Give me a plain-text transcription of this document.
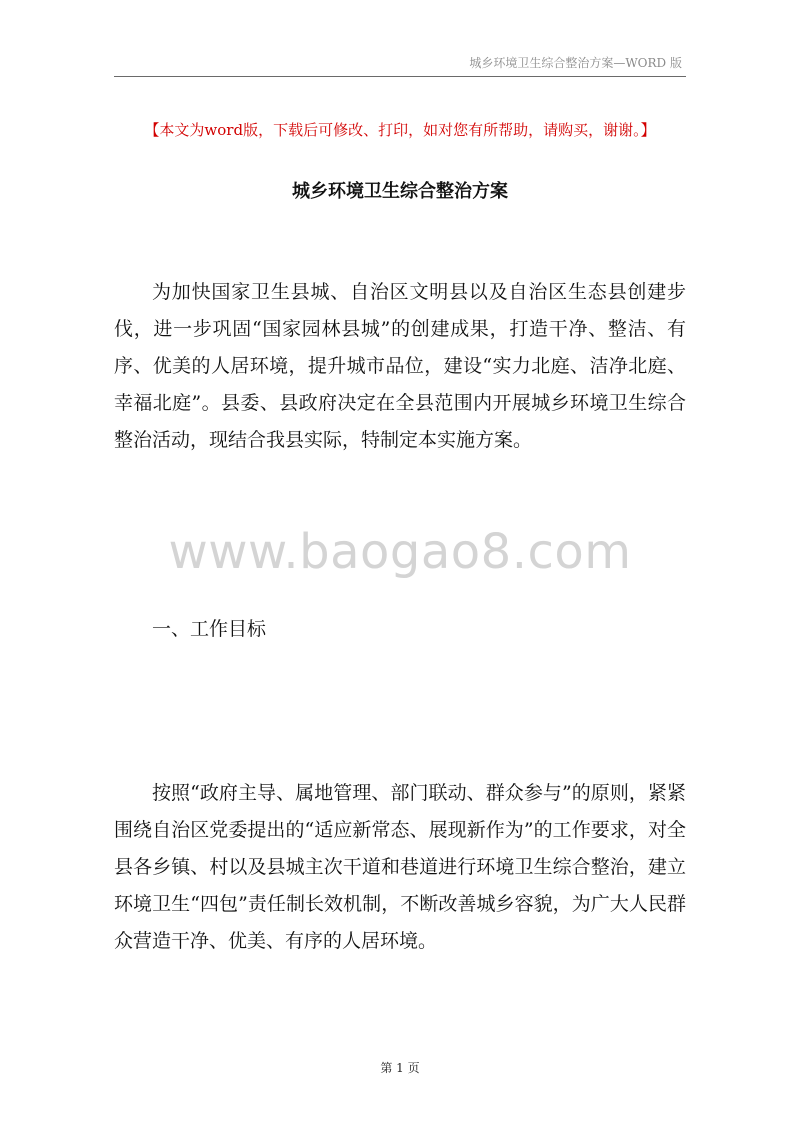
城乡环境卫生综合整治方案—WORD 版
【本文为word版，下载后可修改、打印，如对您有所帮助，请购买，谢谢。】
城乡环境卫生综合整治方案
为加快国家卫生县城、自治区文明县以及自治区生态县创建步伐，进一步巩固“国家园林县城”的创建成果，打造干净、整洁、有序、优美的人居环境，提升城市品位，建设“实力北庭、洁净北庭、幸福北庭”。县委、县政府决定在全县范围内开展城乡环境卫生综合整治活动，现结合我县实际，特制定本实施方案。
www.baogao8.com
一、工作目标
按照“政府主导、属地管理、部门联动、群众参与”的原则，紧紧围绕自治区党委提出的“适应新常态、展现新作为”的工作要求，对全县各乡镇、村以及县城主次干道和巷道进行环境卫生综合整治，建立环境卫生“四包”责任制长效机制，不断改善城乡容貌，为广大人民群众营造干净、优美、有序的人居环境。
第 1 页
